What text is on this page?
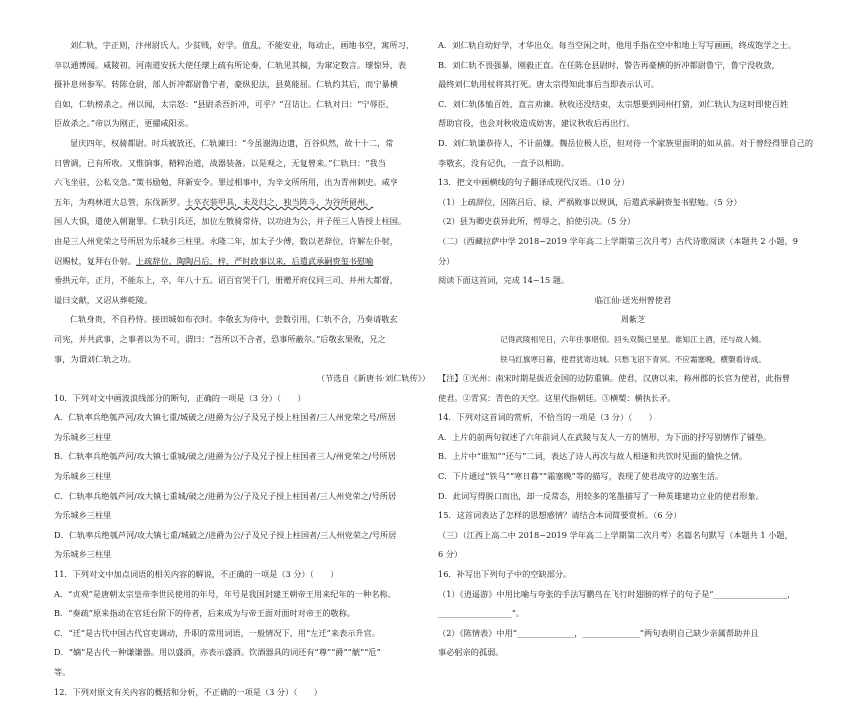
刘仁轨，字正则，汴州尉氏人。少贫贱，好学。值乱，不能安业，每动止，画地书空，寓所习，
卒以通博闻。咸陵初，河南道安抚大使任瓌上疏有所论奏，仁轨见其稿，为窜定数言。瓌惊异，表
摄补息州参军。转陈仓尉，部人折冲都尉鲁宁者，豪纵犯法，县莫能屈。仁轨约其后，而宁暴横
自如，仁轨榜杀之。州以闻，太宗怒：“县尉杀吾折冲，可乎？”召诘让。仁轨对曰：“宁辱臣，
臣故杀之。”帝以为刚正，更擢咸阳丞。
显庆四年，权骑都尉。时兵被放还，仁轨谏曰：“今虽谢海边遗，百谷炽然，故十十二，常
日曾调，已有所收。又惟饷事，精粹治道，战器装备。以是观之，无复曾来。”仁轨曰：“我当
六飞坐驻，公私交急。”策书励勉，拜新安令。罪过相事中，为辛文所所用，出为青州刺史。咸亨
五年，为鸡林道大总管，东伐新罗。士卒衣装甲具，未及归之，独当阵斗，为谷所留州。
国人大惧，遣使入朝谢罪。仁轨引兵还，加位左散骑常侍，以功进为公，并子侄三人皆授上柱国。
由是三人州党荣之号所居为乐城乡三柱里。永隆二年，加太子少傅，数以老辞位，许解左仆射，
诏赐杖，复拜右仆射。上疏辞位，陶陶吕后，梓，严时政事以来，后遣武承嗣赍玺书慰喻
垂拱元年，正月，不能东上，卒，年八十五。诏百官哭于门，册赠开府仪同三司、并州大都督，
谥曰文献，又诏从葬乾陵。
仁轨身贵，不自矜恃。接田城如布衣时。李敬玄为侍中，尝数引用，仁轨不合，乃奏请敬玄
司宪，并共武事，之事者以为不可，谓曰：“吾所以不合者，恐事所蔽尔。”后敬玄果败，兄之
事，为谓刘仁轨之功。
（节选自《新唐书·刘仁轨传》）
10．下列对文中画波浪线部分的断句，正确的一项是（3 分）（　　）
A．仁轨率兵绝瓠芦河/攻大镇七重/城破之/进爵为公/子及兄子授上柱国者/三人州党荣之号/所居
为乐城乡三柱里
B．仁轨率兵绝瓠芦河/攻大镇七重城/破之/进爵为公/子及兄子授上柱国者三人/州党荣之/号所居
为乐城乡三柱里
C．仁轨率兵绝瓠芦河/攻大镇七重城/破之/进爵为公/子及兄子授上柱国者/三人州党荣之/号所居
为乐城乡三柱里
D．仁轨率兵绝瓠芦河/攻大镇七重/城破之/进爵为公/子及兄子授上柱国者/三人州党荣之/号所居
为乐城乡三柱里
11．下列对文中加点词语的相关内容的解说，不正确的一项是（3 分）（　　）
A．“贞观”是唐朝太宗皇帝李世民使用的年号，年号是我国封建王朝帝王用来纪年的一种名称。
B．“奏疏”原来指动在官廷台阶下的侍者，后来成为与帝王面对面时对帝王的敬称。
C．“迁”是古代中国古代官吏调动，升职的常用词语，一般情况下，用“左迁”来表示升官。
D．“嫡”是古代一种谦谦器。用以盛酒，亦表示盛酒。饮酒器具的词还有“尊”“爵”“觥”“卮”
等。
12．下列对原文有关内容的概括和分析，不正确的一项是（3 分）（　　）
A．刘仁轨自幼好学，才华出众。每当空闲之时，他用手指在空中和地上写写画画，终成饱学之士。
B．刘仁轨不畏强暴，刚毅正直。在任陈仓县尉时，警告再豪横的折冲都尉鲁宁，鲁宁没收敛，
最终刘仁轨用杖将其打死。唐太宗得知此事后当即表示认可。
C．刘仁轨体恤百姓，直言劝谏。秋收还没结束，太宗想要到同州打猎，刘仁轨认为这时即使百姓
帮助官役，也会对秋收造成妨害，建议秋收后再出行。
D．刘仁轨谦恭待人，不计前嫌。魏岳位极人臣，但对待一个家族里面明的如从前。对于曾经得罪自己的
李敬玄，没有记仇，一直予以相助。
13．把文中画横线的句子翻译成现代汉语。（10 分）
（1）上疏辞位，因陈吕后、禄、严祸败事以规讽，后遣武承嗣赍玺书慰勉。（5 分）
（2）县为卿史获异此所，愕辱之，拍使引决。（5 分）
（二）（西藏拉萨中学 2018~2019 学年高二上学期第三次月考）古代诗歌阅读（本题共 2 小题，9
分）
阅读下面这首词，完成 14~15 题。
临江仙·送光州曾使君
周紫芝
记得武陵相见日，六年往事堪惊。回头双鬓已星星。谁知江上酒，还与故人倾。
铁马红旗寒日暮，使君犹寄边城。只愁飞诏下青冥。不应霜塞晚，横槊看诗成。
【注】①光州：南宋时期是拔近金国的边防重镇。使君，汉唐以来，称州郡的长官为使君，此指曾
使君。②青冥：青色的天空。这里代指朝廷。③横槊：横执长矛。
14．下列对这首词的赏析，不恰当的一项是（3 分）（　　）
A．上片的前两句叙述了六年前词人在武陵与友人一方的情形，为下面的抒写别情作了铺垫。
B．上片中“谁知”“还与”二词，表达了诗人再次与故人相逢和共饮时见面的愉快之情。
C．下片通过“铁马”“寒日暮”“霜塞晚”等的描写，表现了使君战守的边塞生活。
D．此词写得脱口而出，却一反常态，用较多的笔墨描写了一种英雄建功立业的使君形象。
15．这首词表达了怎样的思想感情？请结合本词简要赏析。（6 分）
（三）（江西上高二中 2018~2019 学年高二上学期第二次月考）名篇名句默写（本题共 1 小题，
6 分）
16．补写出下列句子中的空缺部分。
（1）《逍遥游》中用比喻与夸张的手法写鹏鸟在飞行时翅膀的样子的句子是“__________________，
__________________”。
（2）《陈情表》中用“______________，______________”两句表明自己缺少亲属帮助并且
事必躬亲的孤弱。
